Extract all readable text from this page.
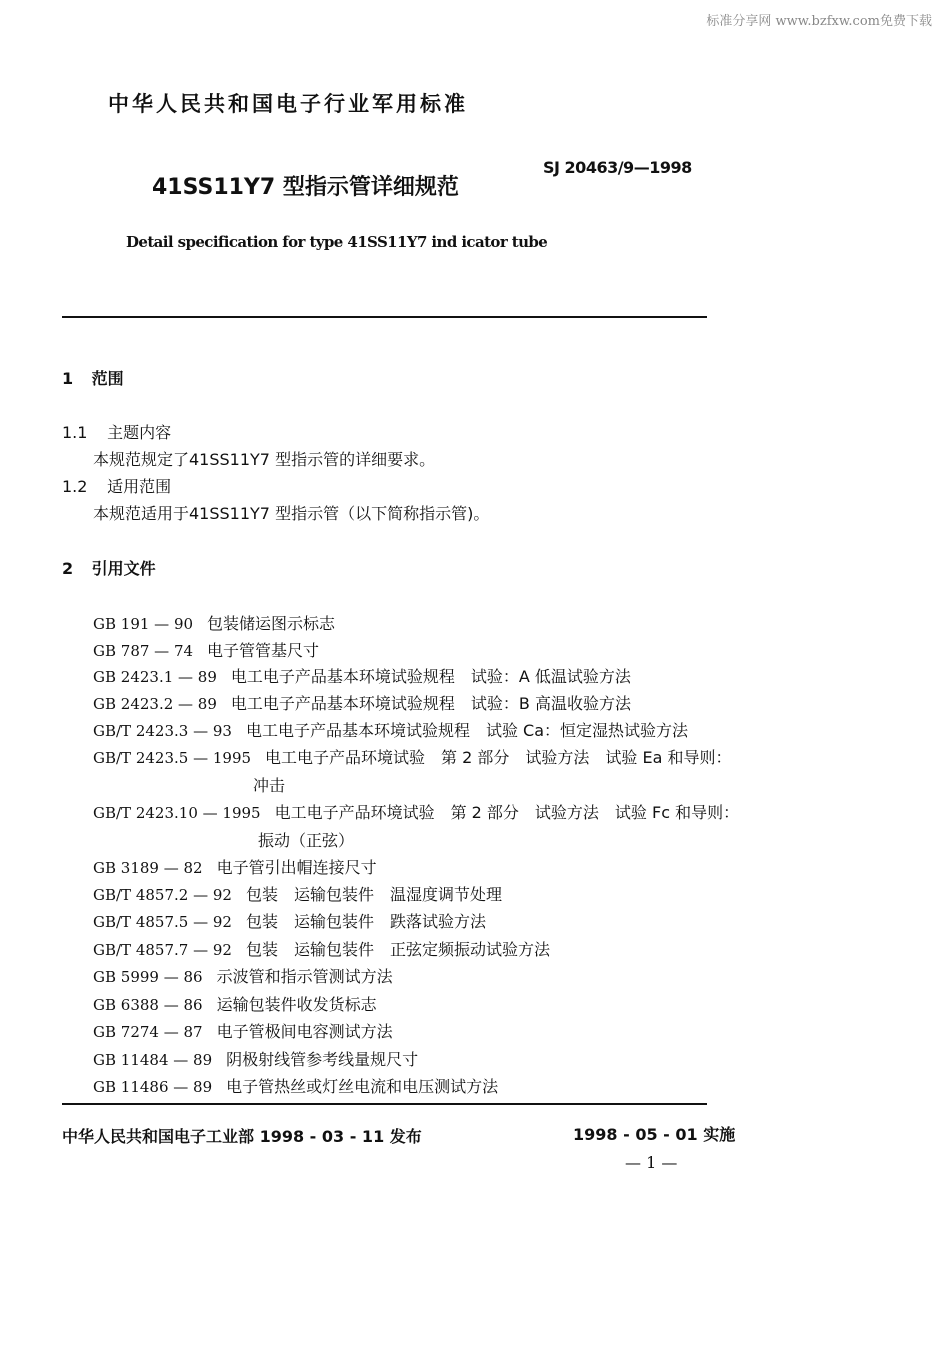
标准分享网 www.bzfxw.com免费下载
中华人民共和国电子行业军用标准
41SS11Y7 型指示管详细规范
SJ 20463/9—1998
Detail specification for type 41SS11Y7 ind icator tube
1 范围
1.1 主题内容
本规范规定了41SS11Y7 型指示管的详细要求。
1.2 适用范围
本规范适用于41SS11Y7 型指示管（以下简称指示管)。
2 引用文件
GB 191 — 90 包装储运图示标志
GB 787 — 74 电子管管基尺寸
GB 2423.1 — 89 电工电子产品基本环境试验规程　试验：A 低温试验方法
GB 2423.2 — 89 电工电子产品基本环境试验规程　试验：B 高温收验方法
GB/T 2423.3 — 93 电工电子产品基本环境试验规程　试验 Ca：恒定湿热试验方法
GB/T 2423.5 — 1995 电工电子产品环境试验　第 2 部分　试验方法　试验 Ea 和导则：
冲击
GB/T 2423.10 — 1995 电工电子产品环境试验　第 2 部分　试验方法　试验 Fc 和导则：
振动（正弦）
GB 3189 — 82 电子管引出帽连接尺寸
GB/T 4857.2 — 92 包装　运输包装件　温湿度调节处理
GB/T 4857.5 — 92 包装　运输包装件　跌落试验方法
GB/T 4857.7 — 92 包装　运输包装件　正弦定频振动试验方法
GB 5999 — 86 示波管和指示管测试方法
GB 6388 — 86 运输包装件收发货标志
GB 7274 — 87 电子管极间电容测试方法
GB 11484 — 89 阴极射线管参考线量规尺寸
GB 11486 — 89 电子管热丝或灯丝电流和电压测试方法
中华人民共和国电子工业部 1998 - 03 - 11 发布	1998 - 05 - 01 实施
— 1 —
